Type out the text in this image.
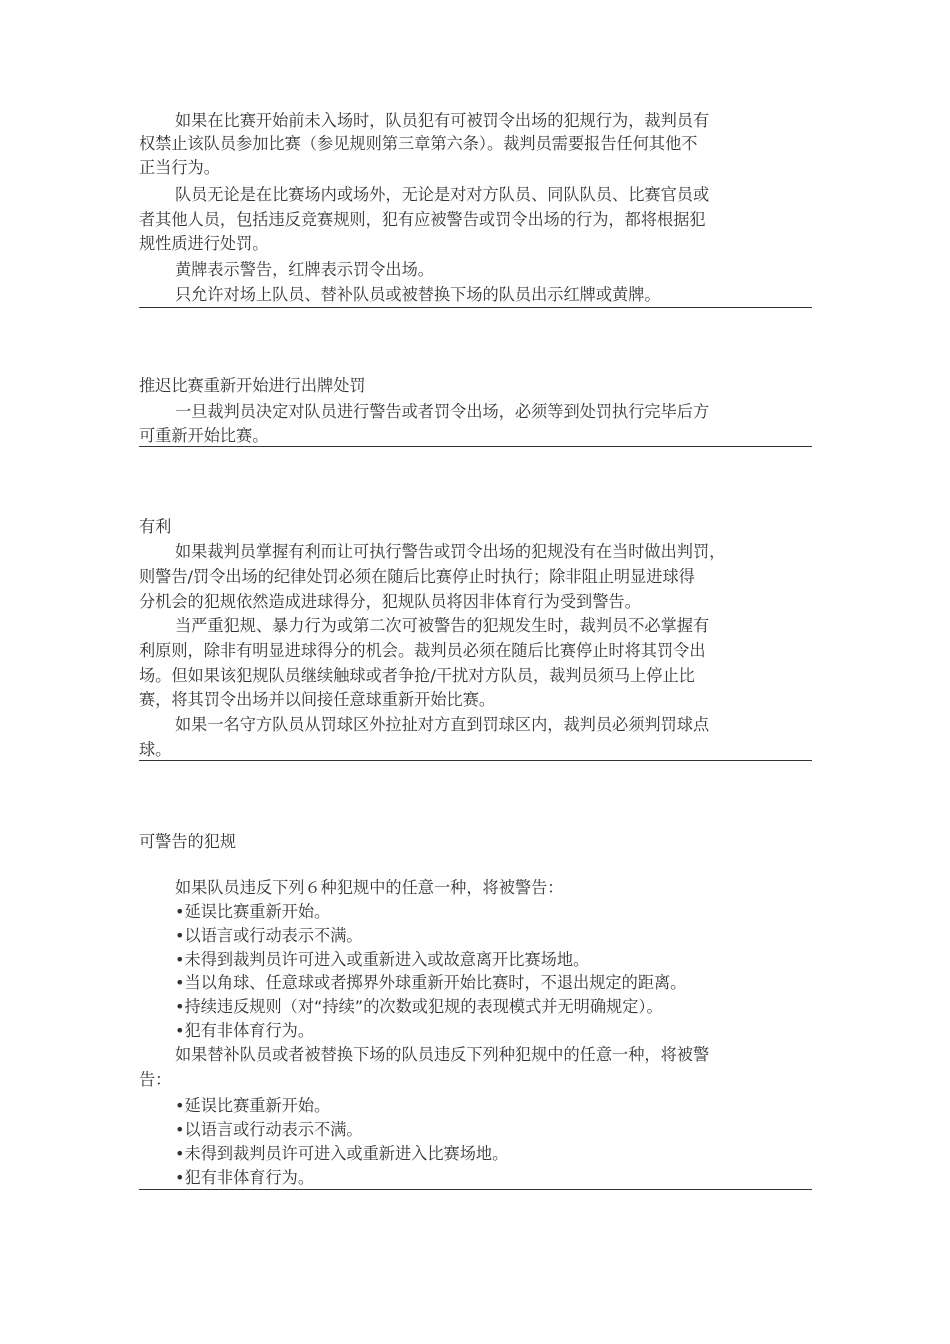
如果在比赛开始前未入场时，队员犯有可被罚令出场的犯规行为，裁判员有
权禁止该队员参加比赛（参见规则第三章第六条）。裁判员需要报告任何其他不
正当行为。
队员无论是在比赛场内或场外，无论是对对方队员、同队队员、比赛官员或
者其他人员，包括违反竞赛规则，犯有应被警告或罚令出场的行为，都将根据犯
规性质进行处罚。
黄牌表示警告，红牌表示罚令出场。
只允许对场上队员、替补队员或被替换下场的队员出示红牌或黄牌。
推迟比赛重新开始进行出牌处罚
一旦裁判员决定对队员进行警告或者罚令出场，必须等到处罚执行完毕后方
可重新开始比赛。
有利
如果裁判员掌握有利而让可执行警告或罚令出场的犯规没有在当时做出判罚，
则警告/罚令出场的纪律处罚必须在随后比赛停止时执行；除非阻止明显进球得
分机会的犯规依然造成进球得分，犯规队员将因非体育行为受到警告。
当严重犯规、暴力行为或第二次可被警告的犯规发生时，裁判员不必掌握有
利原则，除非有明显进球得分的机会。裁判员必须在随后比赛停止时将其罚令出
场。但如果该犯规队员继续触球或者争抢/干扰对方队员，裁判员须马上停止比
赛，将其罚令出场并以间接任意球重新开始比赛。
如果一名守方队员从罚球区外拉扯对方直到罚球区内，裁判员必须判罚球点
球。
可警告的犯规
如果队员违反下列６种犯规中的任意一种，将被警告：
•延误比赛重新开始。
•以语言或行动表示不满。
•未得到裁判员许可进入或重新进入或故意离开比赛场地。
•当以角球、任意球或者掷界外球重新开始比赛时，不退出规定的距离。
•持续违反规则（对“持续”的次数或犯规的表现模式并无明确规定）。
•犯有非体育行为。
如果替补队员或者被替换下场的队员违反下列种犯规中的任意一种，将被警
告：
•延误比赛重新开始。
•以语言或行动表示不满。
•未得到裁判员许可进入或重新进入比赛场地。
•犯有非体育行为。
